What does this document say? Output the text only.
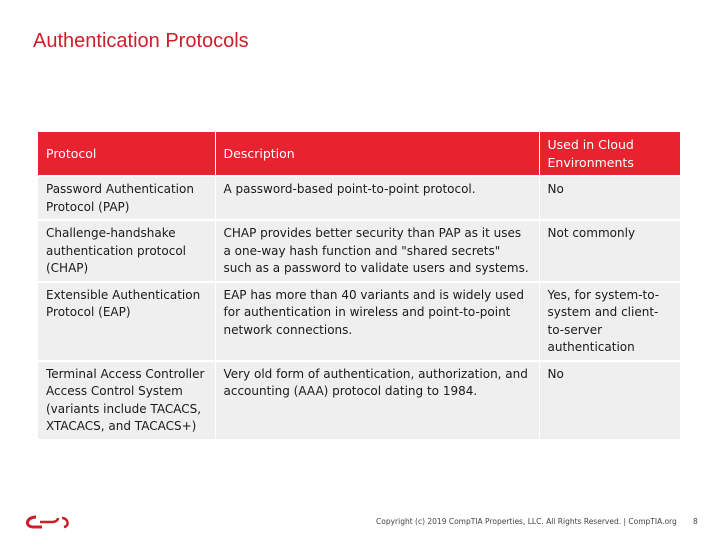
Authentication Protocols
Protocol	Description	Used in Cloud Environments
Password Authentication Protocol (PAP)	A password-based point-to-point protocol.	No
Challenge-handshake authentication protocol (CHAP)	CHAP provides better security than PAP as it uses a one-way hash function and "shared secrets" such as a password to validate users and systems.	Not commonly
Extensible Authentication Protocol (EAP)	EAP has more than 40 variants and is widely used for authentication in wireless and point-to-point network connections.	Yes, for system-to-system and client-to-server authentication
Terminal Access Controller Access Control System (variants include TACACS, XTACACS, and TACACS+)	Very old form of authentication, authorization, and accounting (AAA) protocol dating to 1984.	No
Copyright (c) 2019 CompTIA Properties, LLC. All Rights Reserved. | CompTIA.org 8
